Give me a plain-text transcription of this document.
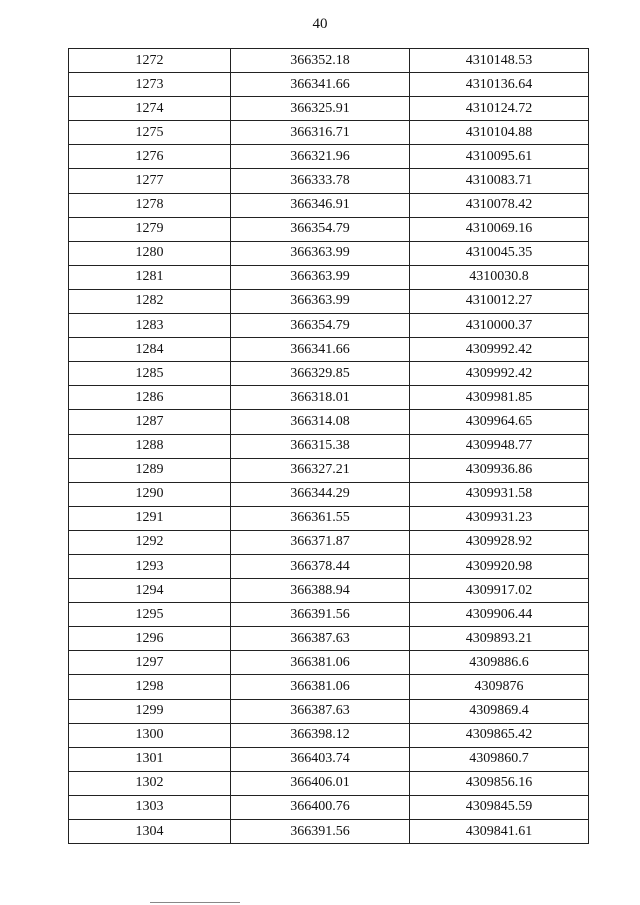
40
1272	366352.18	4310148.53
1273	366341.66	4310136.64
1274	366325.91	4310124.72
1275	366316.71	4310104.88
1276	366321.96	4310095.61
1277	366333.78	4310083.71
1278	366346.91	4310078.42
1279	366354.79	4310069.16
1280	366363.99	4310045.35
1281	366363.99	4310030.8
1282	366363.99	4310012.27
1283	366354.79	4310000.37
1284	366341.66	4309992.42
1285	366329.85	4309992.42
1286	366318.01	4309981.85
1287	366314.08	4309964.65
1288	366315.38	4309948.77
1289	366327.21	4309936.86
1290	366344.29	4309931.58
1291	366361.55	4309931.23
1292	366371.87	4309928.92
1293	366378.44	4309920.98
1294	366388.94	4309917.02
1295	366391.56	4309906.44
1296	366387.63	4309893.21
1297	366381.06	4309886.6
1298	366381.06	4309876
1299	366387.63	4309869.4
1300	366398.12	4309865.42
1301	366403.74	4309860.7
1302	366406.01	4309856.16
1303	366400.76	4309845.59
1304	366391.56	4309841.61
